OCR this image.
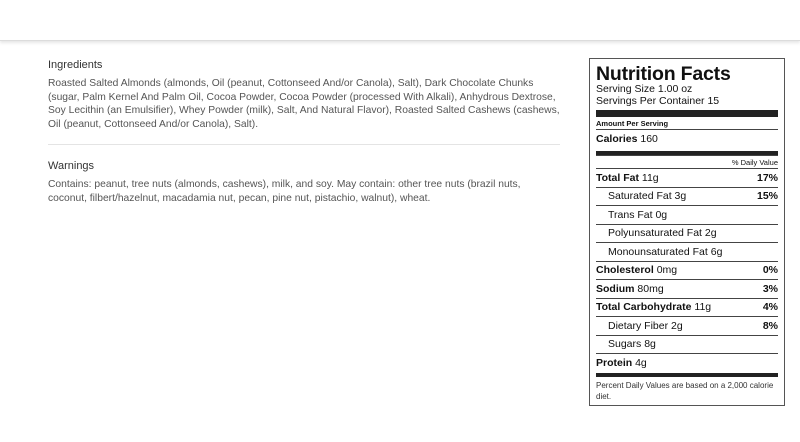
Ingredients

Roasted Salted Almonds (almonds, Oil (peanut, Cottonseed And/or Canola), Salt), Dark Chocolate Chunks (sugar, Palm Kernel And Palm Oil, Cocoa Powder, Cocoa Powder (processed With Alkali), Anhydrous Dextrose, Soy Lecithin (an Emulsifier), Whey Powder (milk), Salt, And Natural Flavor), Roasted Salted Cashews (cashews, Oil (peanut, Cottonseed And/or Canola), Salt).

Warnings

Contains: peanut, tree nuts (almonds, cashews), milk, and soy. May contain: other tree nuts (brazil nuts, coconut, filbert/hazelnut, macadamia nut, pecan, pine nut, pistachio, walnut), wheat.

Nutrition Facts
Serving Size 1.00 oz
Servings Per Container 15
Amount Per Serving
Calories 160
% Daily Value
Total Fat 11g	17%
Saturated Fat 3g	15%
Trans Fat 0g
Polyunsaturated Fat 2g
Monounsaturated Fat 6g
Cholesterol 0mg	0%
Sodium 80mg	3%
Total Carbohydrate 11g	4%
Dietary Fiber 2g	8%
Sugars 8g
Protein 4g
Percent Daily Values are based on a 2,000 calorie diet.
